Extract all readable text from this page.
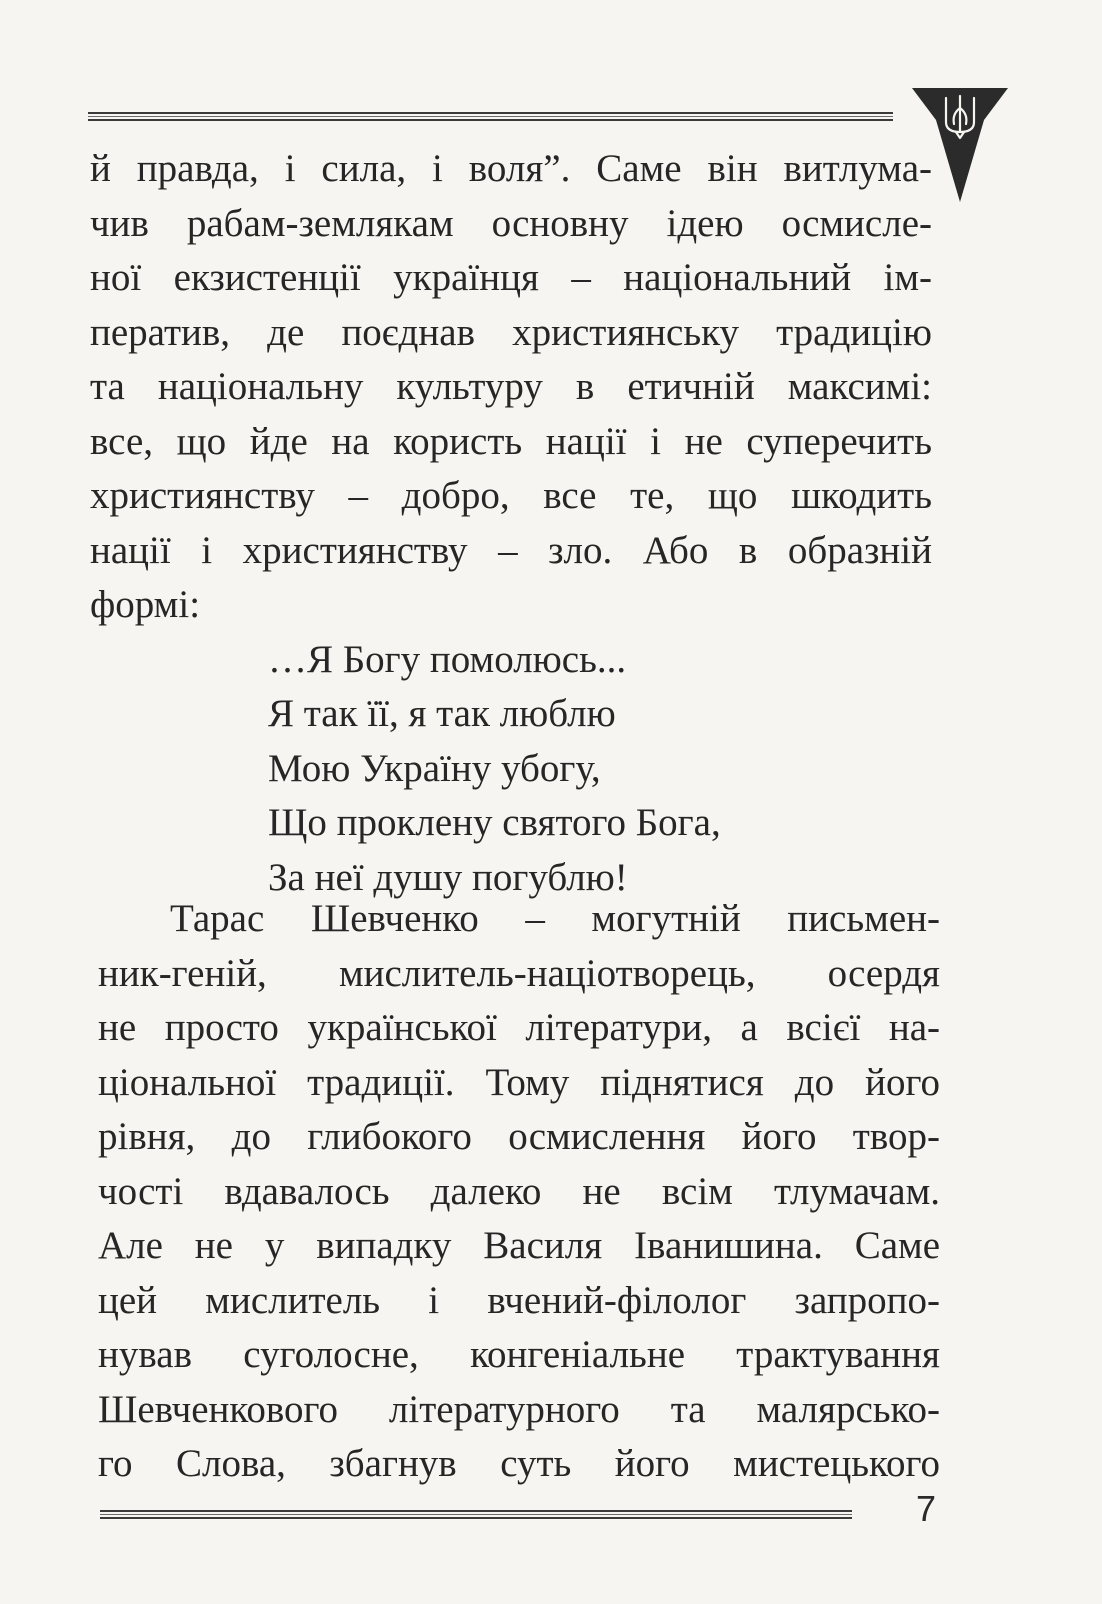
й правда, і сила, і воля”. Саме він витлума-
чив рабам-землякам основну ідею осмисле-
ної екзистенції українця – національний ім-
ператив, де поєднав християнську традицію
та національну культуру в етичній максимі:
все, що йде на користь нації і не суперечить
християнству – добро, все те, що шкодить
нації і християнству – зло. Або в образній
формі:
…Я Богу помолюсь...
Я так її, я так люблю
Мою Україну убогу,
Що проклену святого Бога,
За неї душу погублю!
Тарас Шевченко – могутній письмен-
ник-геній, мислитель-націотворець, осердя
не просто української літератури, а всієї на-
ціональної традиції. Тому піднятися до його
рівня, до глибокого осмислення його твор-
чості вдавалось далеко не всім тлумачам.
Але не у випадку Василя Іванишина. Саме
цей мислитель і вчений-філолог запропо-
нував суголосне, конгеніальне трактування
Шевченкового літературного та малярсько-
го Слова, збагнув суть його мистецького
7
